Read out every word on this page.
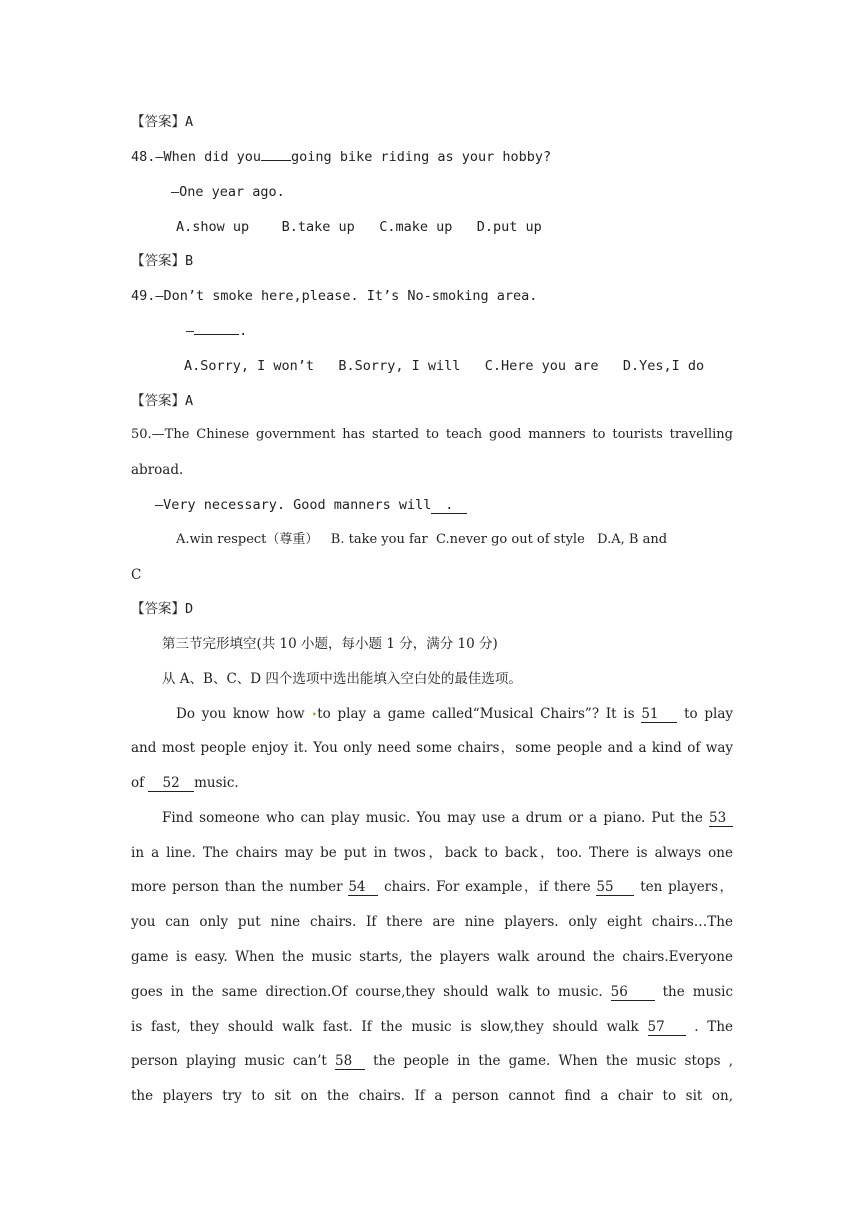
【答案】A
48.—When did you going bike riding as your hobby?
—One year ago.
A.show up    B.take up   C.make up   D.put up
【答案】B
49.—Don’t smoke here,please. It’s No-smoking area.
—	.
A.Sorry, I won’t   B.Sorry, I will   C.Here you are   D.Yes,I do
【答案】A
50.—The Chinese government has started to teach good manners to tourists travelling
abroad.
—Very necessary. Good manners will .
A.win respect（尊重）   B. take you far  C.never go out of style   D.A, B and
C
【答案】D
第三节完形填空(共 10 小题，每小题 1 分，满分 10 分)
从 A、B、C、D 四个选项中选出能填入空白处的最佳选项。
Do you know how •to play a game called“Musical Chairs”? It is 51 to play
and most people enjoy it. You only need some chairs，some people and a kind of way
of 52 music.
Find someone who can play music. You may use a drum or a piano. Put the 53
in a line. The chairs may be put in twos，back to back，too. There is always one
more person than the number 54 chairs. For example，if there 55 ten players，
you can only put nine chairs. If there are nine players. only eight chairs…The
game is easy. When the music starts, the players walk around the chairs.Everyone
goes in the same direction.Of course,they should walk to music. 56	the music
is fast, they should walk fast. If the music is slow,they should walk 57 . The
person playing music can’t 58 the people in the game. When the music stops ,
the players try to sit on the chairs. If a person cannot find a chair to sit on,
